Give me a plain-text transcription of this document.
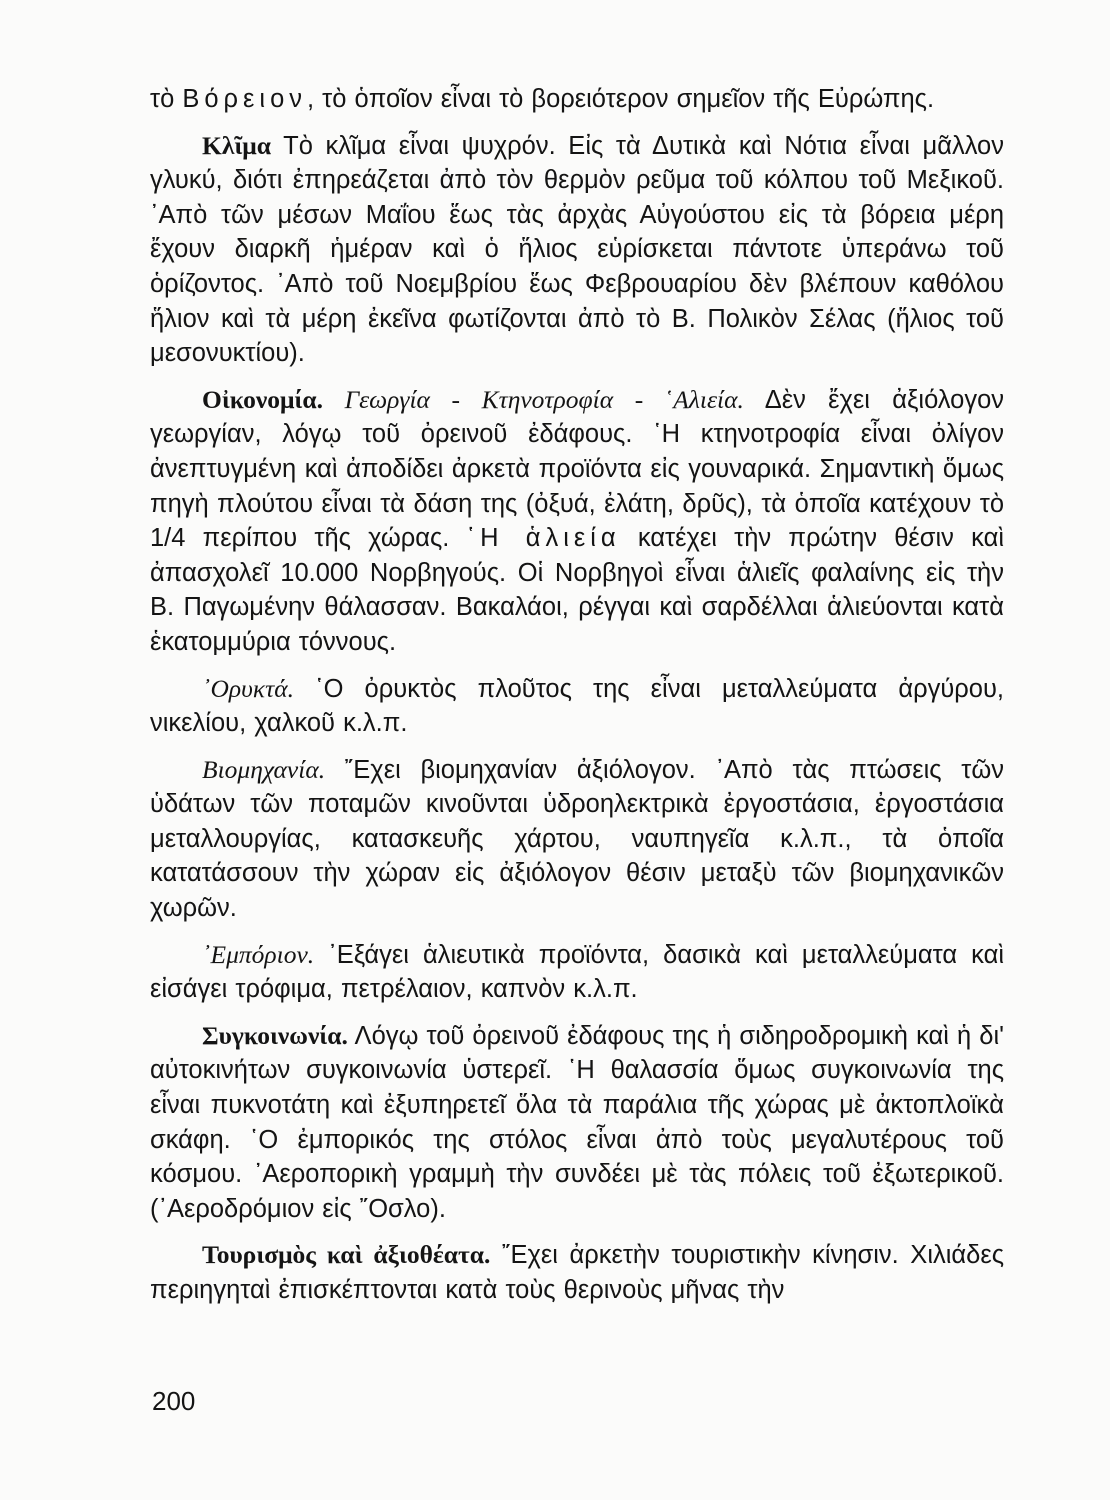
τὸ Βόρειον, τὸ ὁποῖον εἶναι τὸ βορειότερον σημεῖον τῆς Εὐρώπης.

Κλῖμα Τὸ κλῖμα εἶναι ψυχρόν. Εἰς τὰ Δυτικὰ καὶ Νότια εἶναι μᾶλλον γλυκύ, διότι ἐπηρεάζεται ἀπὸ τὸν θερμὸν ρεῦμα τοῦ κόλπου τοῦ Μεξικοῦ. ᾿Απὸ τῶν μέσων Μαΐου ἕως τὰς ἀρχὰς Αὐγούστου εἰς τὰ βόρεια μέρη ἔχουν διαρκῆ ἡμέραν καὶ ὁ ἥλιος εὑρίσκεται πάντοτε ὑπεράνω τοῦ ὁρίζοντος. ᾿Απὸ τοῦ Νοεμβρίου ἕως Φεβρουαρίου δὲν βλέπουν καθόλου ἥλιον καὶ τὰ μέρη ἐκεῖνα φωτίζονται ἀπὸ τὸ Β. Πολικὸν Σέλας (ἥλιος τοῦ μεσονυκτίου).

Οἰκονομία. Γεωργία - Κτηνοτροφία - ῾Αλιεία. Δὲν ἔχει ἀξιόλογον γεωργίαν, λόγῳ τοῦ ὀρεινοῦ ἐδάφους. ῾Η κτηνοτροφία εἶναι ὀλίγον ἀνεπτυγμένη καὶ ἀποδίδει ἀρκετὰ προϊόντα εἰς γουναρικά. Σημαντικὴ ὅμως πηγὴ πλούτου εἶναι τὰ δάση της (ὀξυά, ἐλάτη, δρῦς), τὰ ὁποῖα κατέχουν τὸ 1/4 περίπου τῆς χώρας. ῾Η ἁλιεία κατέχει τὴν πρώτην θέσιν καὶ ἀπασχολεῖ 10.000 Νορβηγούς. Οἱ Νορβηγοὶ εἶναι ἁλιεῖς φαλαίνης εἰς τὴν Β. Παγωμένην θάλασσαν. Βακαλάοι, ρέγγαι καὶ σαρδέλλαι ἁλιεύονται κατὰ ἑκατομμύρια τόννους.

᾿Ορυκτά. ῾Ο ὀρυκτὸς πλοῦτος της εἶναι μεταλλεύματα ἀργύρου, νικελίου, χαλκοῦ κ.λ.π.

Βιομηχανία. ῎Εχει βιομηχανίαν ἀξιόλογον. ᾿Απὸ τὰς πτώσεις τῶν ὑδάτων τῶν ποταμῶν κινοῦνται ὑδροηλεκτρικὰ ἐργοστάσια, ἐργοστάσια μεταλλουργίας, κατασκευῆς χάρτου, ναυπηγεῖα κ.λ.π., τὰ ὁποῖα κατατάσσουν τὴν χώραν εἰς ἀξιόλογον θέσιν μεταξὺ τῶν βιομηχανικῶν χωρῶν.

᾿Εμπόριον. ᾿Εξάγει ἁλιευτικὰ προϊόντα, δασικὰ καὶ μεταλλεύματα καὶ εἰσάγει τρόφιμα, πετρέλαιον, καπνὸν κ.λ.π.

Συγκοινωνία. Λόγῳ τοῦ ὀρεινοῦ ἐδάφους της ἡ σιδηροδρομικὴ καὶ ἡ δι' αὐτοκινήτων συγκοινωνία ὑστερεῖ. ῾Η θαλασσία ὅμως συγκοινωνία της εἶναι πυκνοτάτη καὶ ἐξυπηρετεῖ ὅλα τὰ παράλια τῆς χώρας μὲ ἀκτοπλοϊκὰ σκάφη. ῾Ο ἐμπορικός της στόλος εἶναι ἀπὸ τοὺς μεγαλυτέρους τοῦ κόσμου. ᾿Αεροπορικὴ γραμμὴ τὴν συνδέει μὲ τὰς πόλεις τοῦ ἐξωτερικοῦ. (᾿Αεροδρόμιον εἰς ῎Οσλο).

Τουρισμὸς καὶ ἀξιοθέατα. ῎Εχει ἀρκετὴν τουριστικὴν κίνησιν. Χιλιάδες περιηγηταὶ ἐπισκέπτονται κατὰ τοὺς θερινοὺς μῆνας τὴν

200
